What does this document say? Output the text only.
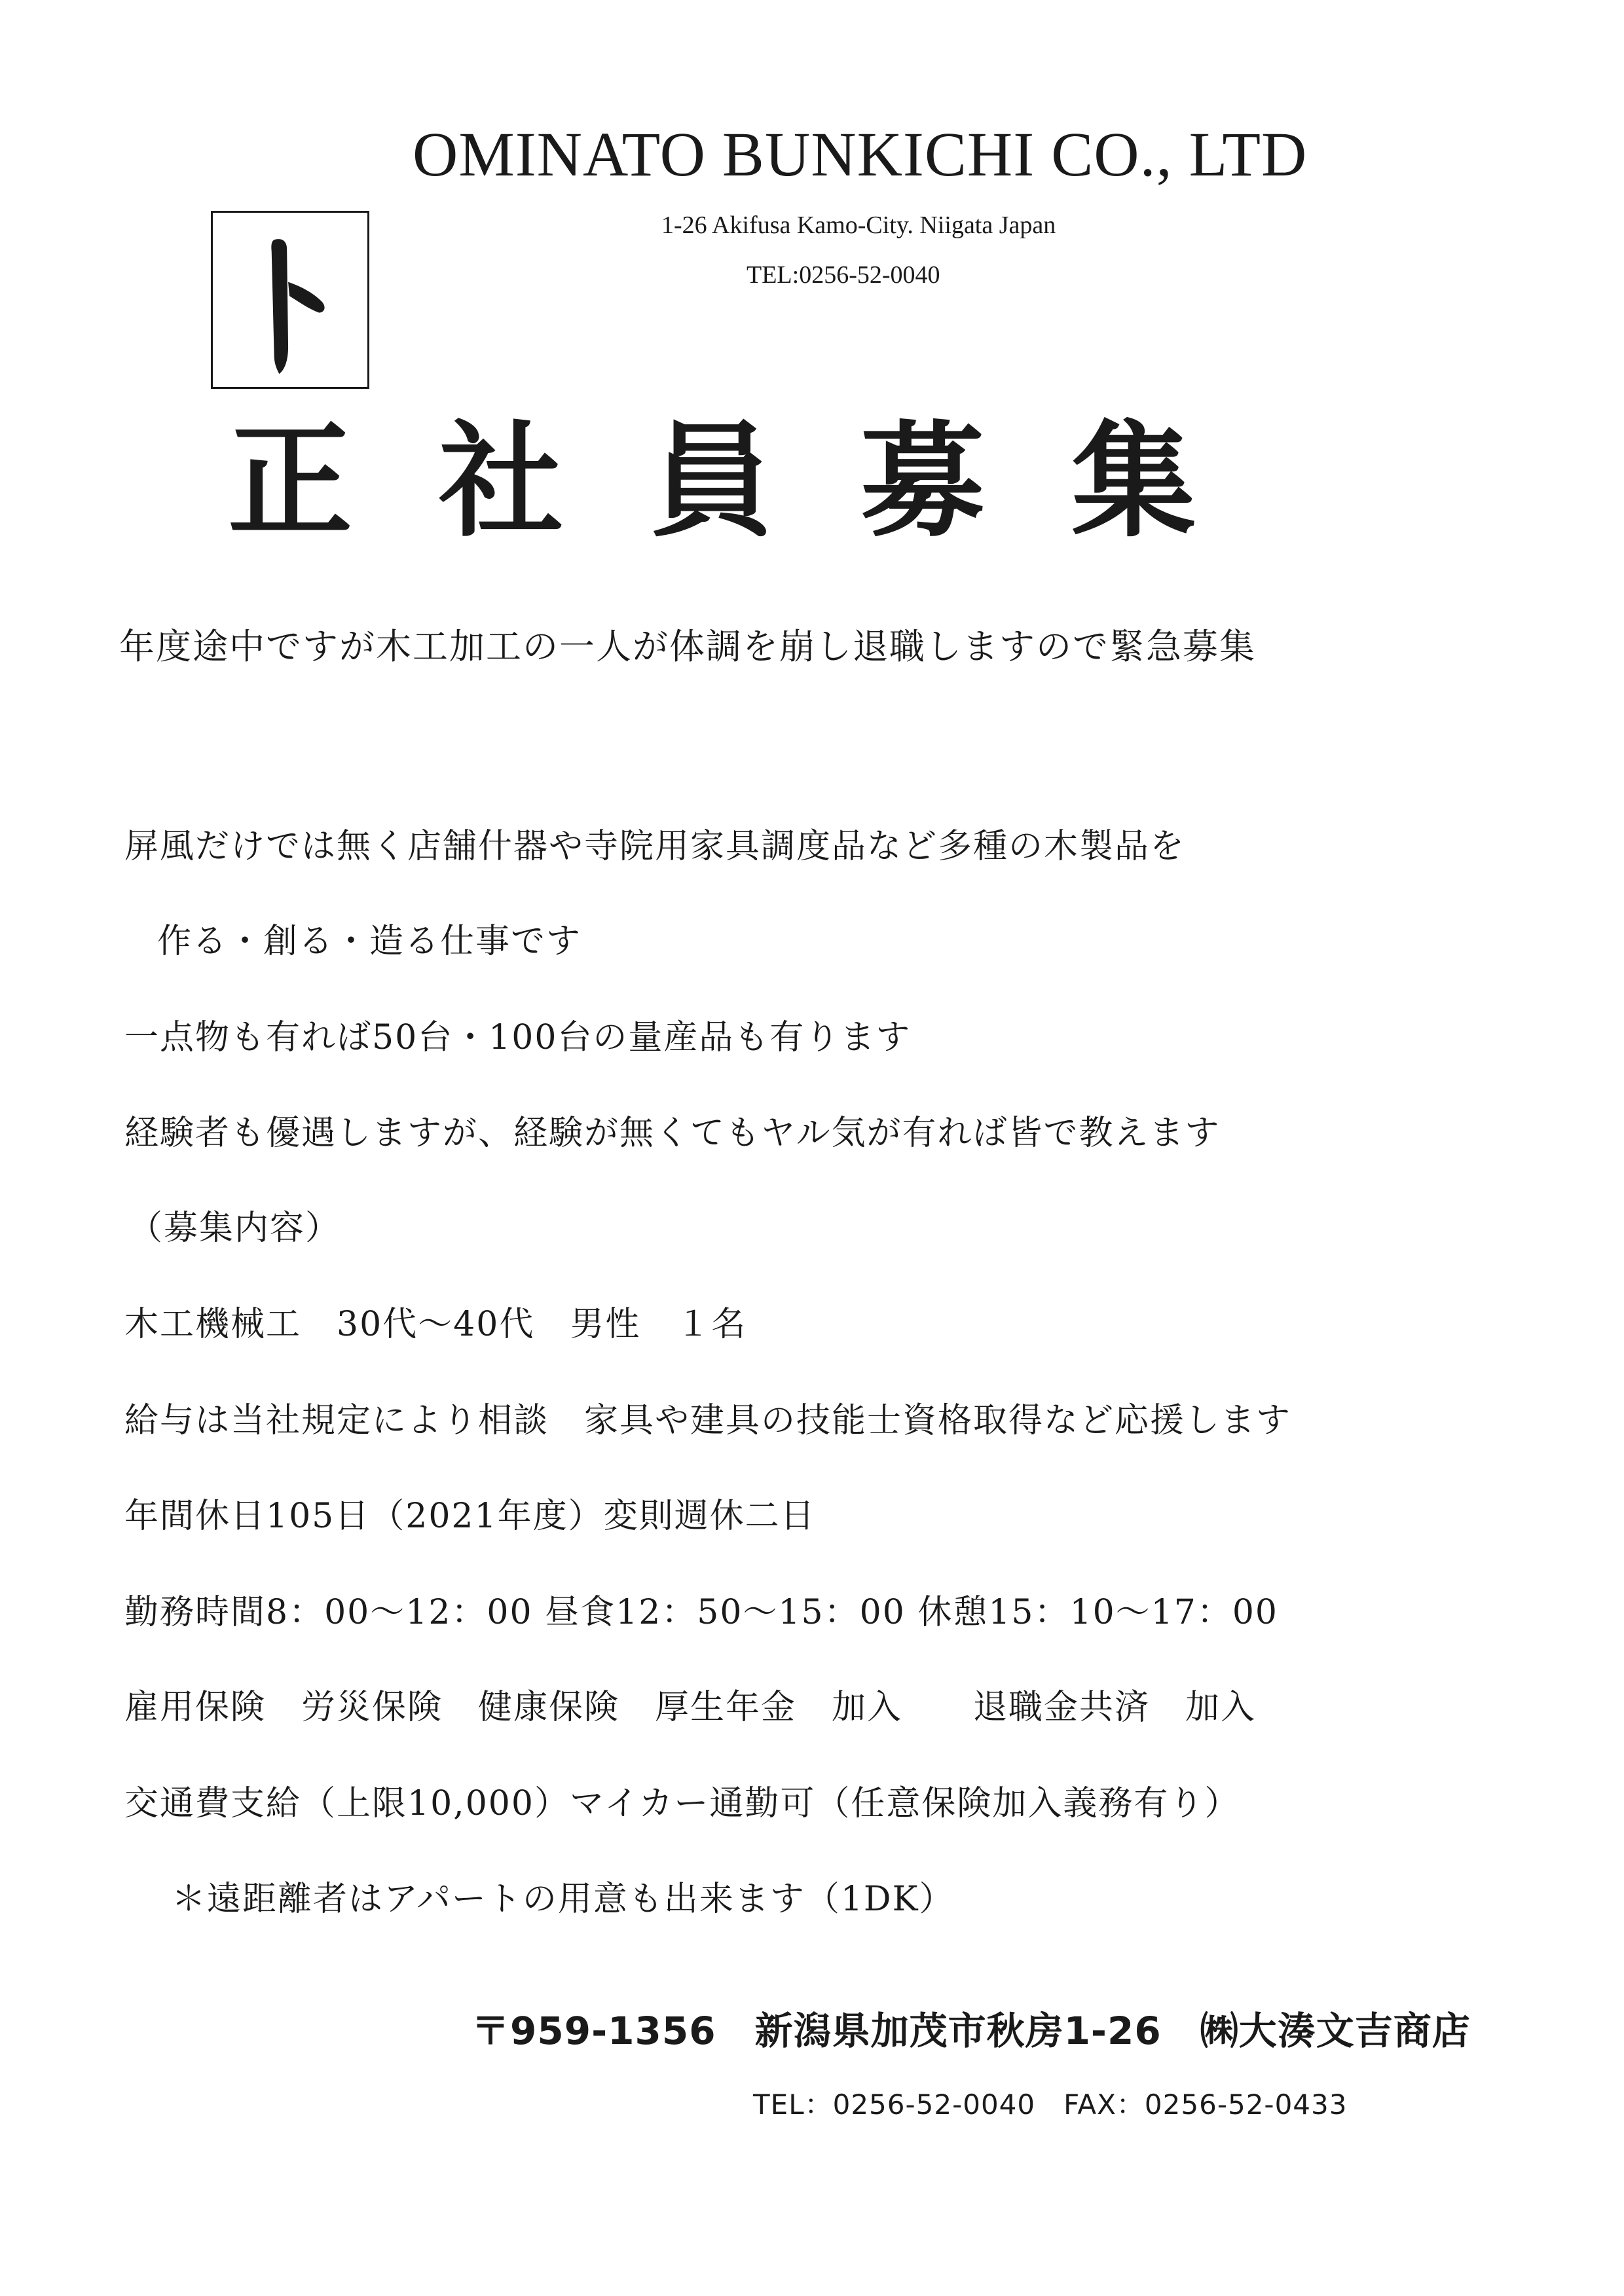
OMINATO BUNKICHI CO., LTD
1-26 Akifusa Kamo-City. Niigata Japan
TEL:0256-52-0040
正社員募集
年度途中ですが木工加工の一人が体調を崩し退職しますので緊急募集
屏風だけでは無く店舗什器や寺院用家具調度品など多種の木製品を
作る・創る・造る仕事です
一点物も有れば50台・100台の量産品も有ります
経験者も優遇しますが、経験が無くてもヤル気が有れば皆で教えます
（募集内容）
木工機械工　30代～40代　男性　１名
給与は当社規定により相談　家具や建具の技能士資格取得など応援します
年間休日105日（2021年度）変則週休二日
勤務時間8：00～12：00 昼食12：50～15：00 休憩15：10～17：00
雇用保険　労災保険　健康保険　厚生年金　加入　　退職金共済　加入
交通費支給（上限10,000）マイカー通勤可（任意保険加入義務有り）
＊遠距離者はアパートの用意も出来ます（1DK）
〒959-1356　新潟県加茂市秋房1-26　㈱大湊文吉商店
TEL：0256-52-0040　FAX：0256-52-0433
